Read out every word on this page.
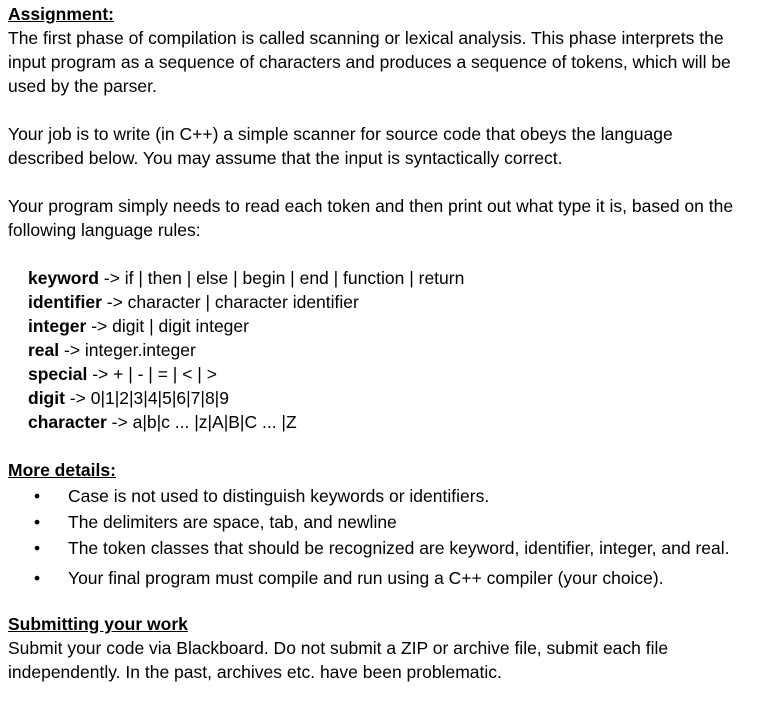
Assignment:

The first phase of compilation is called scanning or lexical analysis. This phase interprets the input program as a sequence of characters and produces a sequence of tokens, which will be used by the parser.

Your job is to write (in C++) a simple scanner for source code that obeys the language described below. You may assume that the input is syntactically correct.

Your program simply needs to read each token and then print out what type it is, based on the following language rules:

keyword -> if | then | else | begin | end | function | return
identifier -> character | character identifier
integer -> digit | digit integer
real -> integer.integer
special -> + | - | = | < | >
digit -> 0|1|2|3|4|5|6|7|8|9
character -> a|b|c ... |z|A|B|C ... |Z
More details:
• Case is not used to distinguish keywords or identifiers.
• The delimiters are space, tab, and newline
• The token classes that should be recognized are keyword, identifier, integer, and real.
• Your final program must compile and run using a C++ compiler (your choice).
Submitting your work

Submit your code via Blackboard. Do not submit a ZIP or archive file, submit each file independently. In the past, archives etc. have been problematic.
